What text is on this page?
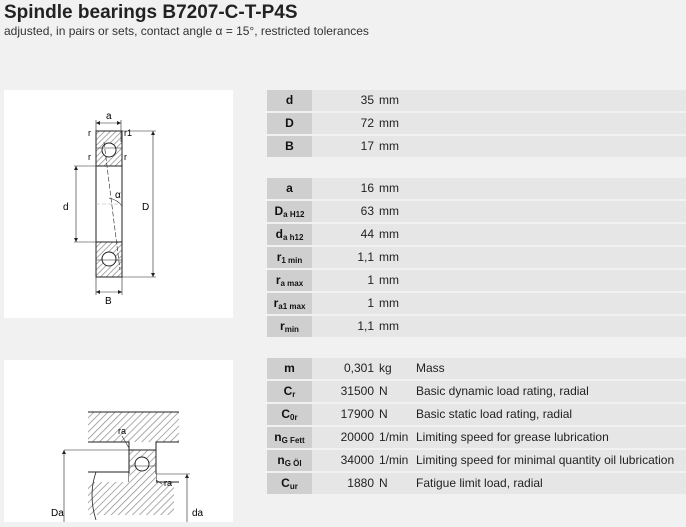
Spindle bearings B7207-C-T-P4S
adjusted, in pairs or sets, contact angle α = 15°, restricted tolerances
a
r	r1
r	r
d	D
α
B
ra
ra
Da	da
d	35 mm
D	72 mm
B	17 mm
a	16 mm
$D_{a H12}$	63 mm
$d_{a h12}$	44 mm
$r_{1 min}$	1,1 mm
$r_{a max}$	1 mm
$r_{a1 max}$	1 mm
$r_{min}$	1,1 mm
m	0,301 kg Mass
$C_r$	31500 N Basic dynamic load rating, radial
$C_{0r}$	17900 N Basic static load rating, radial
$n_{G Fett}$	20000 1/min Limiting speed for grease lubrication
$n_{G Öl}$	34000 1/min Limiting speed for minimal quantity oil lubrication
$C_{ur}$	1880 N Fatigue limit load, radial
